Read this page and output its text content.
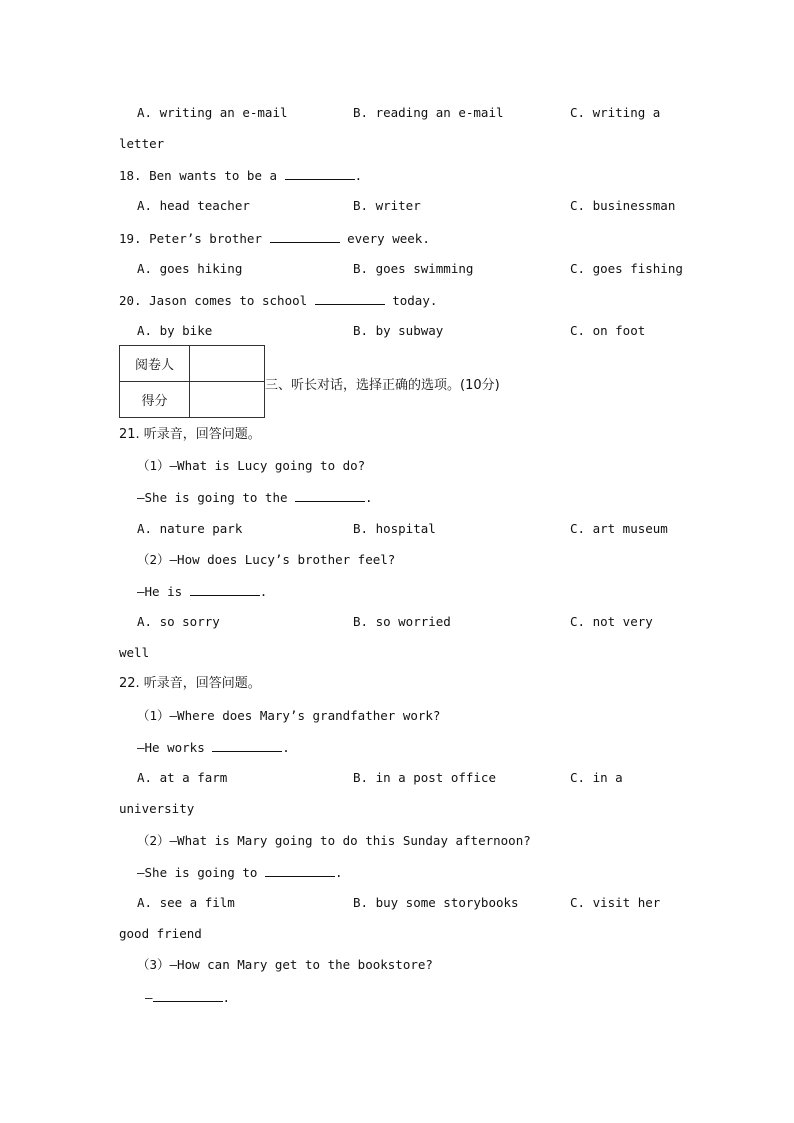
A. writing an e-mail	B. reading an e-mail	C. writing a
letter
18. Ben wants to be a	.
A. head teacher	B. writer	C. businessman
19. Peter’s brother	every week.
A. goes hiking	B. goes swimming	C. goes fishing
20. Jason comes to school	today.
A. by bike	B. by subway	C. on foot
阅卷人	
得分	
三、听长对话，选择正确的选项。(10分)
21. 听录音，回答问题。
（1）—What is Lucy going to do?
—She is going to the	.
A. nature park	B. hospital	C. art museum
（2）—How does Lucy’s brother feel?
—He is	.
A. so sorry	B. so worried	C. not very
well
22. 听录音，回答问题。
（1）—Where does Mary’s grandfather work?
—He works	.
A. at a farm	B. in a post office	C. in a
university
（2）—What is Mary going to do this Sunday afternoon?
—She is going to	.
A. see a film	B. buy some storybooks	C. visit her
good friend
（3）—How can Mary get to the bookstore?
—	.
